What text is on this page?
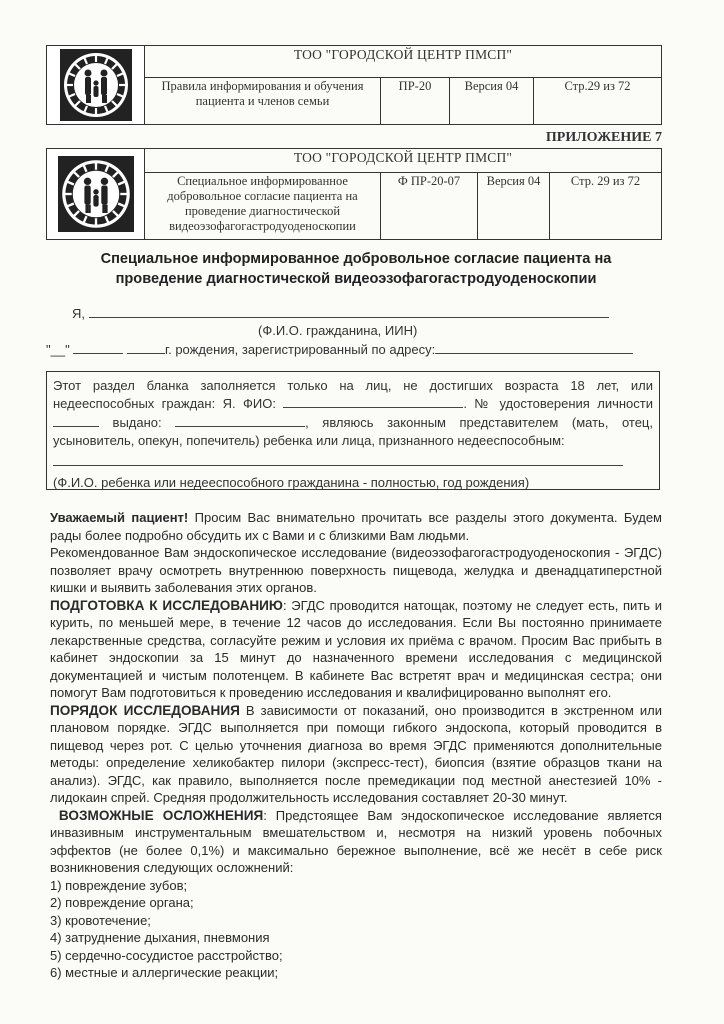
	ТОО "ГОРОДСКОЙ ЦЕНТР ПМСП"			
	Правила информирования и обучения пациента и членов семьи	ПР-20	Версия 04	Стр.29 из 72
ПРИЛОЖЕНИЕ 7
	ТОО "ГОРОДСКОЙ ЦЕНТР ПМСП"			
	Специальное информированное добровольное согласие пациента на проведение диагностической видеоэзофагогастродуоденоскопии	Ф ПР-20-07	Версия 04	Стр. 29 из 72
Специальное информированное добровольное согласие пациента на проведение диагностической видеоэзофагогастродуоденоскопии
Я,
(Ф.И.О. гражданина, ИИН)
"__"	г. рождения, зарегистрированный по адресу:
Этот раздел бланка заполняется только на лиц, не достигших возраста 18 лет, или недееспособных граждан: Я. ФИО:	. № удостоверения личности  выдано:	, являюсь законным представителем (мать, отец, усыновитель, опекун, попечитель) ребенка или лица, признанного недееспособным:
(Ф.И.О. ребенка или недееспособного гражданина - полностью, год рождения)

Уважаемый пациент! Просим Вас внимательно прочитать все разделы этого документа. Будем рады более подробно обсудить их с Вами и с близкими Вам людьми.

Рекомендованное Вам эндоскопическое исследование (видеоэзофагогастродуоденоскопия - ЭГДС) позволяет врачу осмотреть внутреннюю поверхность пищевода, желудка и двенадцатиперстной кишки и выявить заболевания этих органов.

ПОДГОТОВКА К ИССЛЕДОВАНИЮ: ЭГДС проводится натощак, поэтому не следует есть, пить и курить, по меньшей мере, в течение 12 часов до исследования. Если Вы постоянно принимаете лекарственные средства, согласуйте режим и условия их приёма с врачом. Просим Вас прибыть в кабинет эндоскопии за 15 минут до назначенного времени исследования с медицинской документацией и чистым полотенцем. В кабинете Вас встретят врач и медицинская сестра; они помогут Вам подготовиться к проведению исследования и квалифицированно выполнят его.

ПОРЯДОК ИССЛЕДОВАНИЯ В зависимости от показаний, оно производится в экстренном или плановом порядке. ЭГДС выполняется при помощи гибкого эндоскопа, который проводится в пищевод через рот. С целью уточнения диагноза во время ЭГДС применяются дополнительные методы: определение хеликобактер пилори (экспресс-тест), биопсия (взятие образцов ткани на анализ). ЭГДС, как правило, выполняется после премедикации под местной анестезией 10% - лидокаин спрей. Средняя продолжительность исследования составляет 20-30 минут.

ВОЗМОЖНЫЕ ОСЛОЖНЕНИЯ: Предстоящее Вам эндоскопическое исследование является инвазивным инструментальным вмешательством и, несмотря на низкий уровень побочных эффектов (не более 0,1%) и максимально бережное выполнение, всё же несёт в себе риск возникновения следующих осложнений:

1) повреждение зубов;
2) повреждение органа;
3) кровотечение;
4) затруднение дыхания, пневмония
5) сердечно-сосудистое расстройство;
6) местные и аллергические реакции;
